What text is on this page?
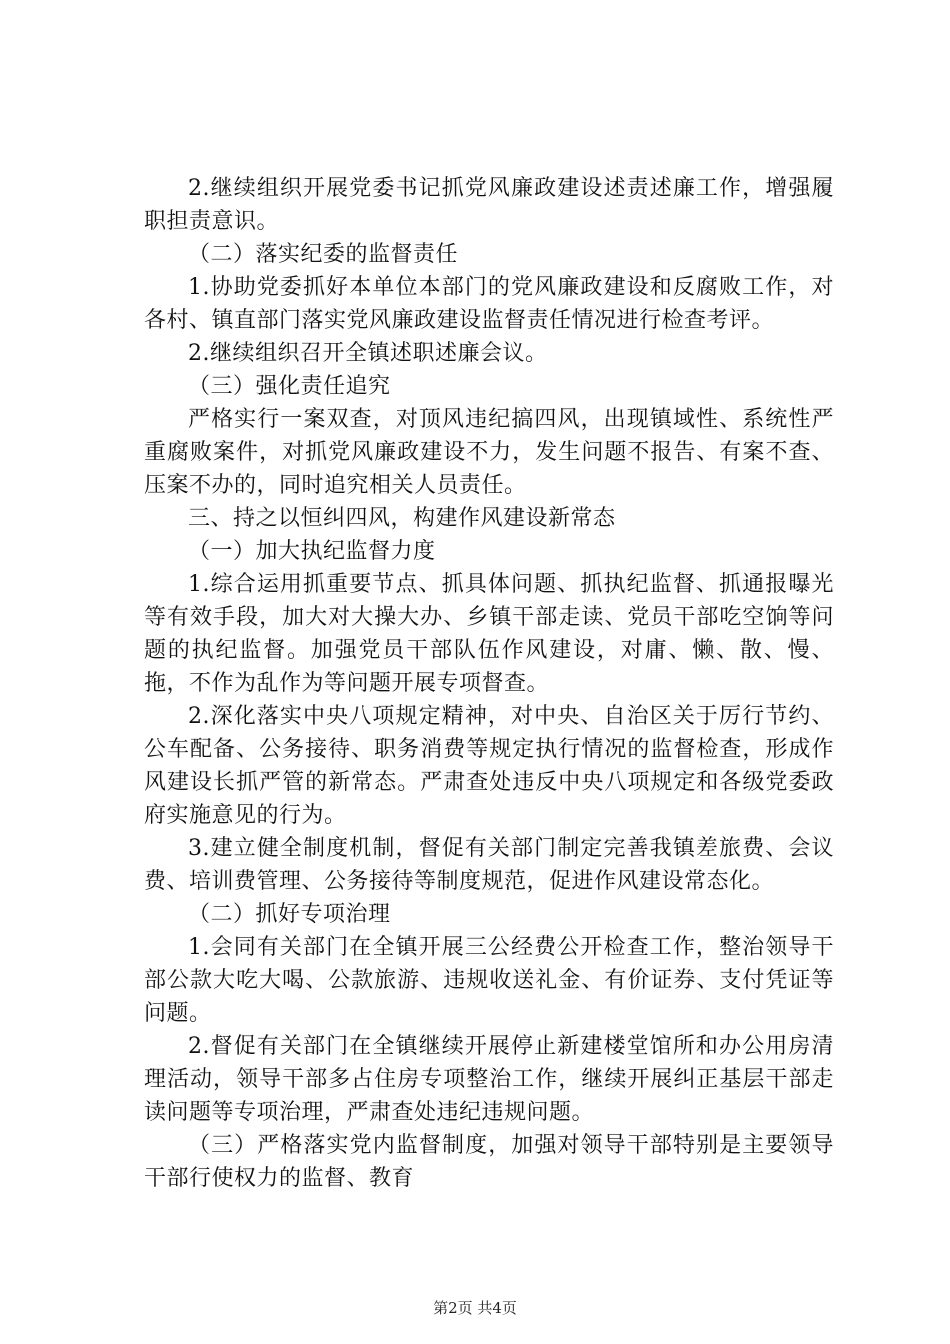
2.继续组织开展党委书记抓党风廉政建设述责述廉工作，增强履职担责意识。

（二）落实纪委的监督责任

1.协助党委抓好本单位本部门的党风廉政建设和反腐败工作，对各村、镇直部门落实党风廉政建设监督责任情况进行检查考评。

2.继续组织召开全镇述职述廉会议。

（三）强化责任追究

严格实行一案双查，对顶风违纪搞四风，出现镇域性、系统性严重腐败案件，对抓党风廉政建设不力，发生问题不报告、有案不查、压案不办的，同时追究相关人员责任。

三、持之以恒纠四风，构建作风建设新常态

（一）加大执纪监督力度

1.综合运用抓重要节点、抓具体问题、抓执纪监督、抓通报曝光等有效手段，加大对大操大办、乡镇干部走读、党员干部吃空饷等问题的执纪监督。加强党员干部队伍作风建设，对庸、懒、散、慢、拖，不作为乱作为等问题开展专项督查。

2.深化落实中央八项规定精神，对中央、自治区关于厉行节约、公车配备、公务接待、职务消费等规定执行情况的监督检查，形成作风建设长抓严管的新常态。严肃查处违反中央八项规定和各级党委政府实施意见的行为。

3.建立健全制度机制，督促有关部门制定完善我镇差旅费、会议费、培训费管理、公务接待等制度规范，促进作风建设常态化。

（二）抓好专项治理

1.会同有关部门在全镇开展三公经费公开检查工作，整治领导干部公款大吃大喝、公款旅游、违规收送礼金、有价证券、支付凭证等问题。

2.督促有关部门在全镇继续开展停止新建楼堂馆所和办公用房清理活动，领导干部多占住房专项整治工作，继续开展纠正基层干部走读问题等专项治理，严肃查处违纪违规问题。

（三）严格落实党内监督制度，加强对领导干部特别是主要领导干部行使权力的监督、教育

第2页 共4页
